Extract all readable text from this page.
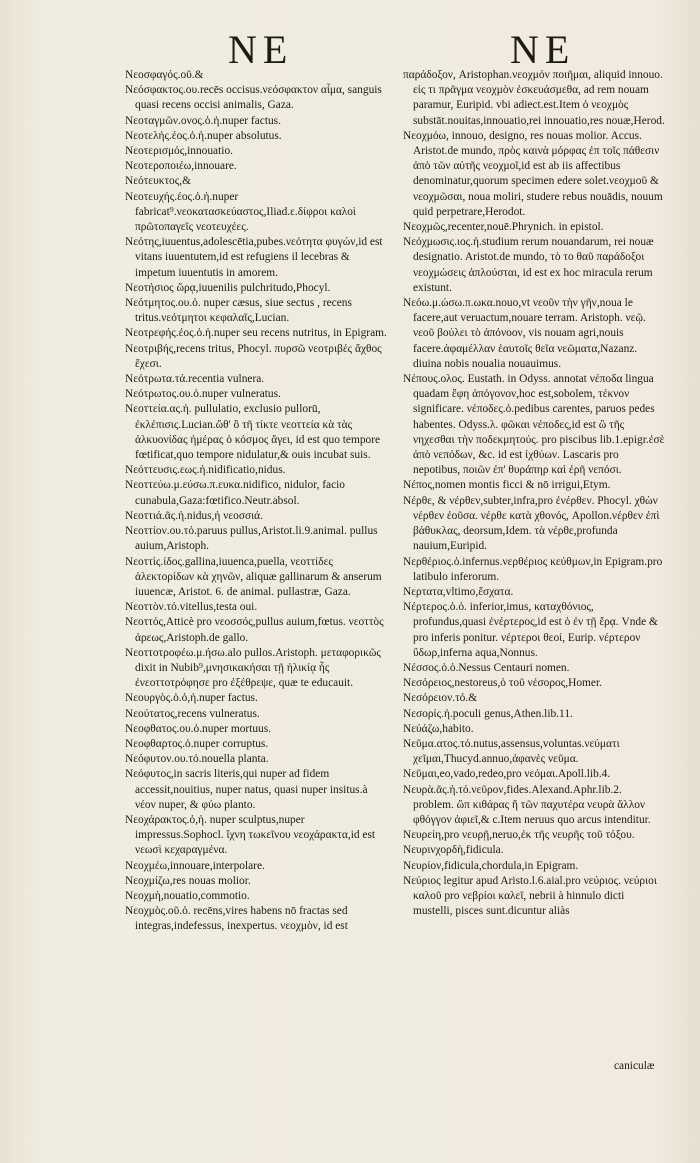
NE	NE

Νεοσφαγός.οῦ.&

Νεόσφακτος.ου.recēs occisus.νεόσφακτον αἷμα, sanguis quasi recens occisi animalis, Gaza.

Νεοταγμῶν.ονος.ὁ.ἡ.nuper factus.

Νεοτελής.έος.ὁ.ἡ.nuper absolutus.

Νεοτερισμός,innouatio.

Νεοτεροποιέω,innouare.

Νεότευκτος,&

Νεοτευχής.έος.ὁ.ἡ.nuper fabricat⁹.νεοκατασκεύαστος,Iliad.ε.δίφροι καλοὶ πρῶτοπαγεῖς νεοτευχέες.

Νεότης,iuuentus,adolescētia,pubes.νεότητα φυγών,id est vitans iuuentutem,id est refugiens il lecebras & impetum iuuentutis in amorem.

Νεοτήσιος ὥρᾳ,iuuenilis pulchritudo,Phocyl.

Νεότμητος.ου.ὁ. nuper cæsus, siue sectus , recens tritus.νεότμητοι κεφαλαῖς,Lucian.

Νεοτρεφής.έος.ὁ.ἡ.nuper seu recens nutritus, in Epigram.

Νεοτριβής,recens tritus, Phocyl. πυρσῶ νεοτριβές ἄχθος ἔχεσι.

Νεότρωτα.τά.recentia vulnera.

Νεότρωτος.ου.ὁ.nuper vulneratus.

Νεοττεία.ας.ἡ. pullulatio, exclusio pullorū, ἐκλέπισις.Lucian.ὥθ' ὃ τῆ τίκτε νεοττεία κὰ τὰς ἀλκυονίδας ἡμέρας ὁ κόσμος ἄγει, id est quo tempore fœtificat,quo tempore nidulatur,& ouis incubat suis.

Νεόττευσις.εως.ἡ.nidificatio,nidus.

Νεοττεύω.μ.εύσω.π.ευκα.nidifico, nidulor, facio cunabula,Gaza:fœtifico.Neutr.absol.

Νεοττιά.ᾶς.ἡ.nidus,ἡ νεοσσιά.

Νεοττίον.ου.τό.paruus pullus,Aristot.li.9.animal. pullus auium,Aristoph.

Νεοττὶς.ίδος.gallina,iuuenca,puella, νεοττίδες ἀλεκτορίδων κὰ χηνῶν, aliquæ gallinarum & anserum iuuencæ, Aristot. 6. de animal. pullastræ, Gaza.

Νεοττὸν.τό.vitellus,testa oui.

Νεοττός,Atticè pro νεοσσός,pullus auium,fœtus. νεοττὸς ἀρεως,Aristoph.de gallo.

Νεοττοτροφέω.μ.ήσω.alo pullos.Aristoph. μεταφορικῶς dixit in Nubib⁹,μνησικακήσαι τῇ ἡλικίᾳ ἧς ἐνεοττοτρόφησε pro ἐξέθρεψε, quæ te educauit.

Νεουργὸς.ὁ.ὁ,ἡ.nuper factus.

Νεούτατος,recens vulneratus.

Νεοφθατος.ου.ὁ.nuper mortuus.

Νεοφθαρτος.ὁ.nuper corruptus.

Νεόφυτον.ου.τό.nouella planta.

Νεόφυτος,in sacris literis,qui nuper ad fidem accessit,nouitius, nuper natus, quasi nuper insitus.à νέον nuper, & φύω planto.

Νεοχάρακτος.ὁ,ἡ. nuper sculptus,nuper impressus.Sophocl. ἴχνη τωκεῖνου νεοχάρακτα,id est νεωσὶ κεχαραγμένα.

Νεοχμέω,innouare,interpolare.

Νεοχμίζω,res nouas molior.

Νεοχμὴ,nouatio,commotio.

Νεοχμὸς.οῦ.ὁ. recēns,vires habens nō fractas sed integras,indefessus, inexpertus. νεοχμὸν, id est

παράδοξον, Aristophan.νεοχμόν ποιῆμαι, aliquid innouo. εἰς τι πρᾶγμα νεοχμὸν ἐσκευάσμεθα, ad rem nouam paramur, Euripid. vbi adiect.est.Item ὁ νεοχμὸς substāt.nouitas,innouatio,rei innouatio,res nouæ,Herod.

Νεοχμόω, innouo, designo, res nouas molior. Accus. Aristot.de mundo, πρὸς καινὰ μόρφας ἐπ τοῖς πάθεσιν ἀπὸ τῶν αὐτῆς νεοχμοῖ,id est ab iis affectibus denominatur,quorum specimen edere solet.νεοχμοῦ & νεοχμῶσαι, noua moliri, studere rebus nouādis, nouum quid perpetrare,Herodot.

Νεοχμῶς,recenter,nouē.Phrynich. in epistol.

Νεόχμωσις.ιος.ἡ.studium rerum nouandarum, rei nouæ designatio. Aristot.de mundo, τὸ το θαῦ παράδοξοι νεοχμώσεις ἀπλούσται, id est ex hoc miracula rerum existunt.

Νεόω.μ.ώσω.π.ωκα.nouo,vt νεοῦν τὴν γῆν,noua le facere,aut veruactum,nouare terram. Aristoph. νεῷ. νεοῦ βούλει τὸ ἀπόνοον, vis nouam agri,nouis facere.ἀφαμέλλαν ἑαυτοῖς θεῖα νεῶματα,Nazanz. diuina nobis noualia nouauimus.

Νέπους.ολος. Eustath. in Odyss. annotat νέποδα lingua quadam ἔφη ἀπόγονον,hoc est,sobolem, τέκνον significare. νέποδες.ὁ.pedibus carentes, paruos pedes habentes. Odyss.λ. φῶκαι νέποδες,id est ὢ τῆς νηχεσθαι τὴν ποδεκμητούς. pro piscibus lib.1.epigr.ἐσὲ ἀπὸ νεπόδων, &c. id est ἰχθύων. Lascaris pro nepotibus, ποιῶν ἐπ' θυράπηρ καὶ ἐρῆ νεπόσι.

Νέπος,nomen montis ficci & nō irrigui,Etym.

Νέρθε, & νέρθεν,subter,infra,pro ἐνέρθεν. Phocyl. χθὼν νέρθεν ἐοῦσα. νέρθε κατὰ χθονός, Apollon.νέρθεν ἐπὶ βάθυκλας, deorsum,Idem. τὰ νέρθε,profunda nauium,Euripid.

Νερθέριος.ὁ.infernus.νερθέριος κεύθμων,in Epigram.pro latibulo inferorum.

Νερτατα,vltimo,ἔσχατα.

Νέρτερος.ὁ.ὁ. inferior,imus, καταχθόνιος, profundus,quasi ἐνέρτερος,id est ὁ ἐν τῇ ἔρᾳ. Vnde & pro inferis ponitur. νέρτεροι θεοί, Eurip. νέρτερον ὕδωρ,inferna aqua,Nonnus.

Νέσσος.ὁ.ὁ.Nessus Centauri nomen.

Νεσόρειος,nestoreus,ὁ τοῦ νέσορος,Homer.

Νεσόρειον.τό.&

Νεσορίς.ἡ.poculi genus,Athen.lib.11.

Νεύάζω,habito.

Νεῦμα.ατος.τό.nutus,assensus,voluntas.νεύματι χεῖμαι,Thucyd.annuo,ἀφανὲς νεῦμα.

Νεῦμαι,eo,vado,redeo,pro νεόμαι.Apoll.lib.4.

Νευρὰ.ᾶς.ἡ.τό.νεῦρον,fides.Alexand.Aphr.lib.2. problem. ὥπ κιθάρας ἤ τῶν παχυτέρα νευρὰ ἄλλον φθόγγον ἀφιεῖ,& c.Item neruus quo arcus intenditur.

Νευρείη,pro νευρῇ,neruo,ἐκ τῆς νευρῆς τοῦ τόξου.

Νευρινχορδὴ,fidicula.

Νευρίον,fidicula,chordula,in Epigram.

Νεύριος legitur apud Aristo.l.6.aial.pro νεύριος. νεύριοι καλοῦ pro νεβρίοι καλεῖ, nebrii à hinnulo dicti mustelli, pisces sunt.dicuntur aliàs

caniculæ
